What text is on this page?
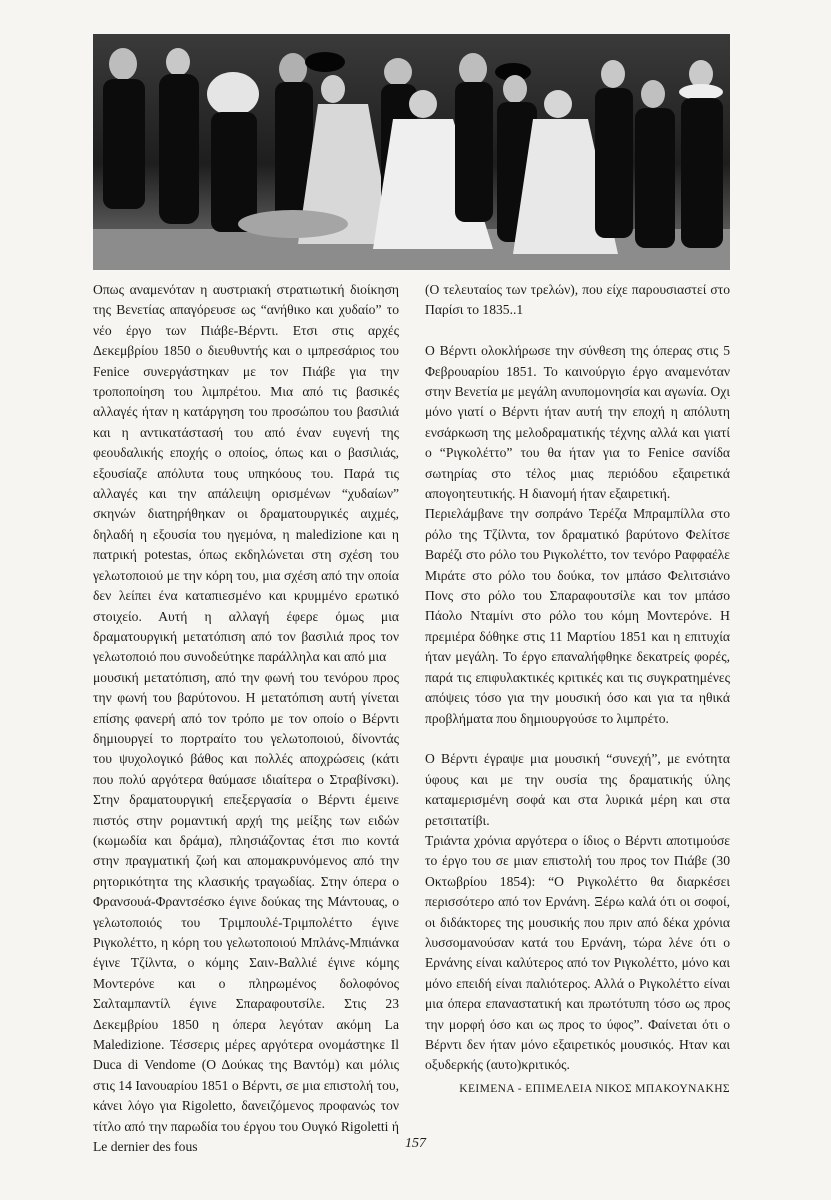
Οπως αναμενόταν η αυστριακή στρατιωτική διοίκηση της Βενετίας απαγόρευσε ως “ανήθικο και χυδαίο” το νέο έργο των Πιάβε-Βέρντι. Ετσι στις αρχές Δεκεμβρίου 1850 ο διευθυντής και ο ιμπρεσάριος του Fenice συνεργάστηκαν με τον Πιάβε για την τροποποίηση του λιμπρέτου. Μια από τις βασικές αλλαγές ήταν η κατάργηση του προσώπου του βασιλιά και η αντικατάστασή του από έναν ευγενή της φεουδαλικής εποχής ο οποίος, όπως και ο βασιλιάς, εξουσίαζε απόλυτα τους υπηκόους του. Παρά τις αλλαγές και την απάλειψη ορισμένων “χυδαίων” σκηνών διατηρήθηκαν οι δραματουργικές αιχμές, δηλαδή η εξουσία του ηγεμόνα, η maledizione και η πατρική potestas, όπως εκδηλώνεται στη σχέση του γελωτοποιού με την κόρη του, μια σχέση από την οποία δεν λείπει ένα καταπιεσμένο και κρυμμένο ερωτικό στοιχείο. Αυτή η αλλαγή έφερε όμως μια δραματουργική μετατόπιση από τον βασιλιά προς τον γελωτοποιό που συνοδεύτηκε παράλληλα και από μια

μουσική μετατόπιση, από την φωνή του τενόρου προς την φωνή του βαρύτονου. Η μετατόπιση αυτή γίνεται επίσης φανερή από τον τρόπο με τον οποίο ο Βέρντι δημιουργεί το πορτραίτο του γελωτοποιού, δίνοντάς του ψυχολογικό βάθος και πολλές αποχρώσεις (κάτι που πολύ αργότερα θαύμασε ιδιαίτερα ο Στραβίνσκι). Στην δραματουργική επεξεργασία ο Βέρντι έμεινε πιστός στην ρομαντική αρχή της μείξης των ειδών (κωμωδία και δράμα), πλησιάζοντας έτσι πιο κοντά στην πραγματική ζωή και απομακρυνόμενος από την ρητορικότητα της κλασικής τραγωδίας. Στην όπερα ο Φρανσουά-Φραντσέσκο έγινε δούκας της Μάντουας, ο γελωτοποιός του Τριμπουλέ-Τριμπολέττο έγινε Ριγκολέττο, η κόρη του γελωτοποιού Μπλάνς-Μπιάνκα έγινε Τζίλντα, ο κόμης Σαιν-Βαλλιέ έγινε κόμης Μοντερόνε και ο πληρωμένος δολοφόνος Σαλταμπαντίλ έγινε Σπαραφουτσίλε. Στις 23 Δεκεμβρίου 1850 η όπερα λεγόταν ακόμη La Maledizione. Τέσσερις μέρες αργότερα ονομάστηκε Il Duca di Vendome (Ο Δούκας της Βαντόμ) και μόλις στις 14 Ιανουαρίου 1851 ο Βέρντι, σε μια επιστολή του, κάνει λόγο για Rigoletto, δανειζόμενος προφανώς τον τίτλο από την παρωδία του έργου του Ουγκό Rigoletti ή Le dernier des fous

(Ο τελευταίος των τρελών), που είχε παρουσιαστεί στο Παρίσι το 1835..1

Ο Βέρντι ολοκλήρωσε την σύνθεση της όπερας στις 5 Φεβρουαρίου 1851. Το καινούργιο έργο αναμενόταν στην Βενετία με μεγάλη ανυπομονησία και αγωνία. Οχι μόνο γιατί ο Βέρντι ήταν αυτή την εποχή η απόλυτη ενσάρκωση της μελοδραματικής τέχνης αλλά και γιατί ο “Ριγκολέττο” του θα ήταν για το Fenice σανίδα σωτηρίας στο τέλος μιας περιόδου εξαιρετικά απογοητευτικής. Η διανομή ήταν εξαιρετική.

Περιελάμβανε την σοπράνο Τερέζα Μπραμπίλλα στο ρόλο της Τζίλντα, τον δραματικό βαρύτονο Φελίτσε Βαρέζι στο ρόλο του Ριγκολέττο, τον τενόρο Ραφφαέλε Μιράτε στο ρόλο του δούκα, τον μπάσο Φελιτσιάνο Πονς στο ρόλο του Σπαραφουτσίλε και τον μπάσο Πάολο Νταμίνι στο ρόλο του κόμη Μοντερόνε. Η πρεμιέρα δόθηκε στις 11 Μαρτίου 1851 και η επιτυχία ήταν μεγάλη. Το έργο επαναλήφθηκε δεκατρείς φορές, παρά τις επιφυλακτικές κριτικές και τις συγκρατημένες απόψεις τόσο για την μουσική όσο και για τα ηθικά προβλήματα που δημιουργούσε το λιμπρέτο.

Ο Βέρντι έγραψε μια μουσική “συνεχή”, με ενότητα ύφους και με την ουσία της δραματικής ύλης καταμερισμένη σοφά και στα λυρικά μέρη και στα ρετσιτατίβι.

Τριάντα χρόνια αργότερα ο ίδιος ο Βέρντι αποτιμούσε το έργο του σε μιαν επιστολή του προς τον Πιάβε (30 Οκτωβρίου 1854): “Ο Ριγκολέττο θα διαρκέσει περισσότερο από τον Ερνάνη. Ξέρω καλά ότι οι σοφοί, οι διδάκτορες της μουσικής που πριν από δέκα χρόνια λυσσομανούσαν κατά του Ερνάνη, τώρα λένε ότι ο Ερνάνης είναι καλύτερος από τον Ριγκολέττο, μόνο και μόνο επειδή είναι παλιότερος. Αλλά ο Ριγκολέττο είναι μια όπερα επαναστατική και πρωτότυπη τόσο ως προς την μορφή όσο και ως προς το ύφος”. Φαίνεται ότι ο Βέρντι δεν ήταν μόνο εξαιρετικός μουσικός. Ηταν και οξυδερκής (αυτο)κριτικός.

ΚΕΙΜΕΝΑ - ΕΠΙΜΕΛΕΙΑ ΝΙΚΟΣ ΜΠΑΚΟΥΝΑΚΗΣ
157
